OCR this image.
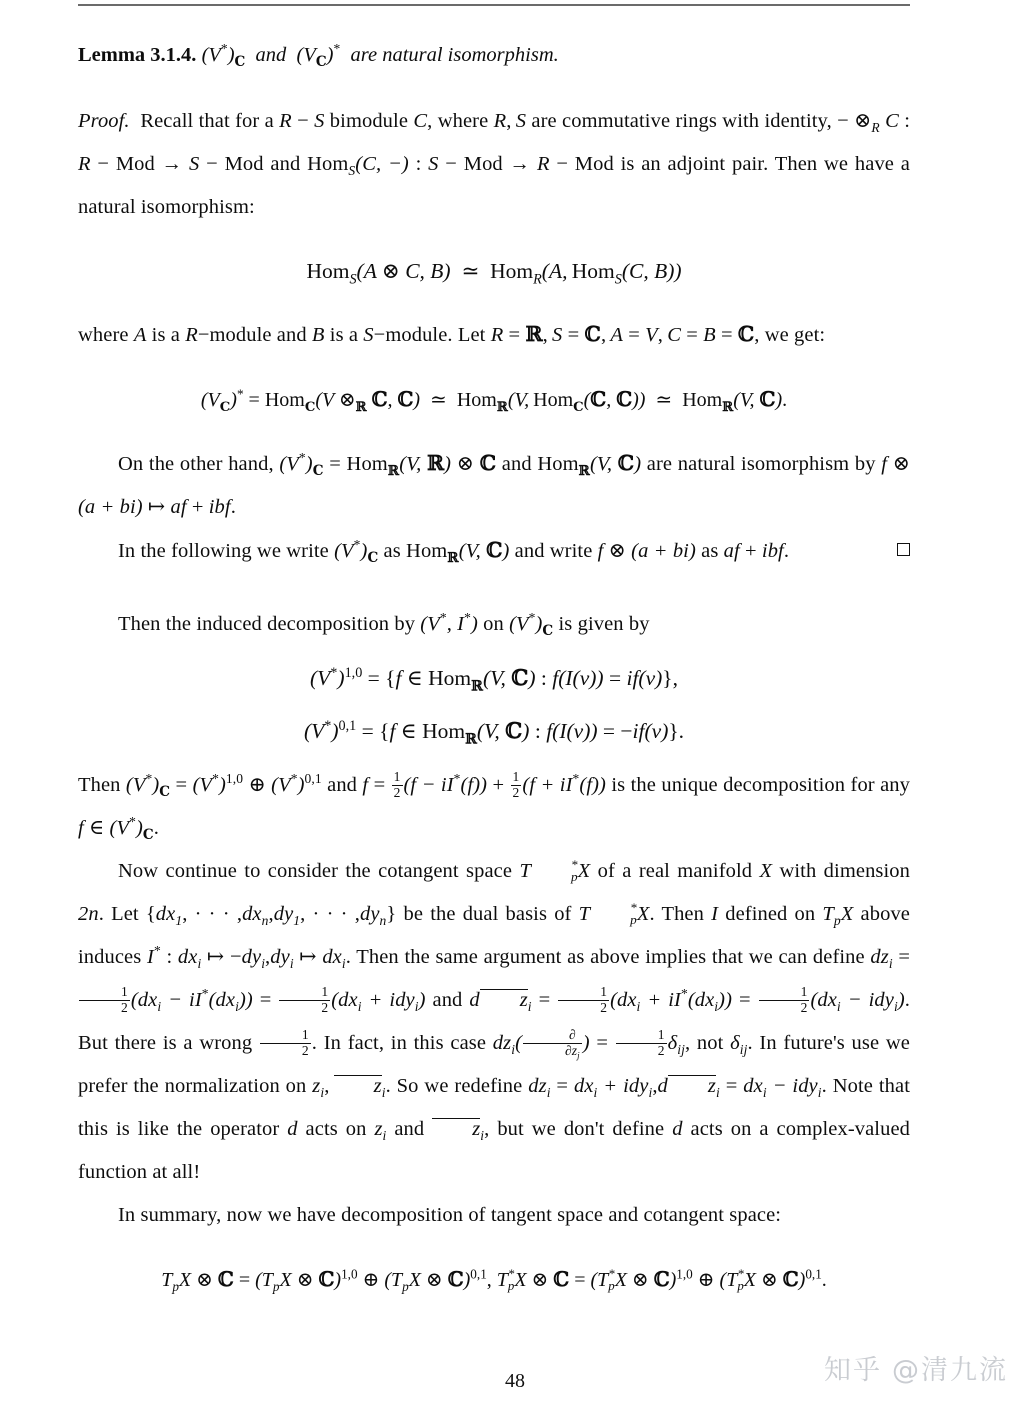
Lemma 3.1.4. $(V^*)_C$  and  $(V_C)^*$  are natural isomorphism.

Proof.  Recall that for a R − S bimodule C, where R, S are commutative rings with identity, − $\otimes_R$ C : R − Mod → S − Mod and Hom$_S$(C, −) : S − Mod → R − Mod is an adjoint pair. Then we have a natural isomorphism:

Hom$_S$(A ⊗ C, B)  ≃  Hom$_R$(A, Hom$_S$(C, B))

where A is a R−module and B is a S−module. Let R = ℝ, S = ℂ, A = V, C = B = ℂ, we get:

$(V_C)^* = Hom_C(V$ $\otimes_ℝ$ ℂ, ℂ)  ≃  Hom$_ℝ$(V, Hom$_C$(ℂ, ℂ))  ≃  Hom$_ℝ$(V, ℂ).

On the other hand, $(V^*)_C = Hom_ℝ(V$, ℝ) ⊗ ℂ and Hom$_ℝ$(V, ℂ) are natural isomorphism by f ⊗ (a + bi) ↦ af + ibf.

In the following we write $(V^*)_C$ as Hom$_ℝ$(V, ℂ) and write f ⊗ (a + bi) as af + ibf.

Then the induced decomposition by (V*, I*) on $(V^*)_C$ is given by

$(V^*)^{1,0} = \{f$ ∈ Hom$_ℝ$(V, ℂ) : f(I(v)) = if(v)},

$(V^*)^{0,1} = \{f$ ∈ Hom$_ℝ$(V, ℂ) : f(I(v)) = −if(v)}.

Then $(V^*)_C = (V^*)^{1,0}$ ⊕ $(V^*)^{0,1}$ and $f = \frac{1}{2} (f - iI^*(f)) + \frac{1}{2} (f + iI^*(f))$ is the unique decomposition for any f ∈ $(V^*)_C$.

Now continue to consider the cotangent space T	*
p X of a real manifold X with dimension 2n. Let {$dx_1$, · · · $,dx_n,dy_1$, · · · $,dy_n$} be the dual basis of T	*
p X. Then I defined on $T_pX$ above induces I* : $dx_i$ ↦ $-dy_i,dy_i$ ↦ $dx_i$. Then the same argument as above implies that we can define $dz_i$ =
$\frac{1}{2} (dx_i - iI^*(dx_i)) = \frac{1}{2} (dx_i + idy_i)$ and d $z_i = \frac{1}{2} (dx_i + iI^*(dx_i)) = \frac{1}{2} (dx_i - idy_i)$. But there is a wrong $\frac{1}{2}$ . In fact, in this case $dz_i( \frac{\partial}{\partial z_j}$ ) = $\frac{1}{2} \delta_{ij}$, not $\delta_{ij}$. In future's use we prefer the normalization on $z_i$, $z_i$. So we redefine $dz_i = dx_i + idy_i,d$ $z_i = dx_i - idy_i$. Note that this is like the operator d acts on $z_i$ and $z_i$, but we don't define d acts on a complex-valued function at all!

In summary, now we have decomposition of tangent space and cotangent space:

$T_pX$ ⊗ ℂ = ($T_pX$ ⊗ ℂ)$^{1,0}$ ⊕ ($T_pX$ ⊗ ℂ)$^{0,1}$, T *
p X ⊗ ℂ = (T *
p X ⊗ ℂ)$^{1,0}$ ⊕ (T *
p X ⊗ ℂ)$^{0,1}$.

知乎 @清九流
48
